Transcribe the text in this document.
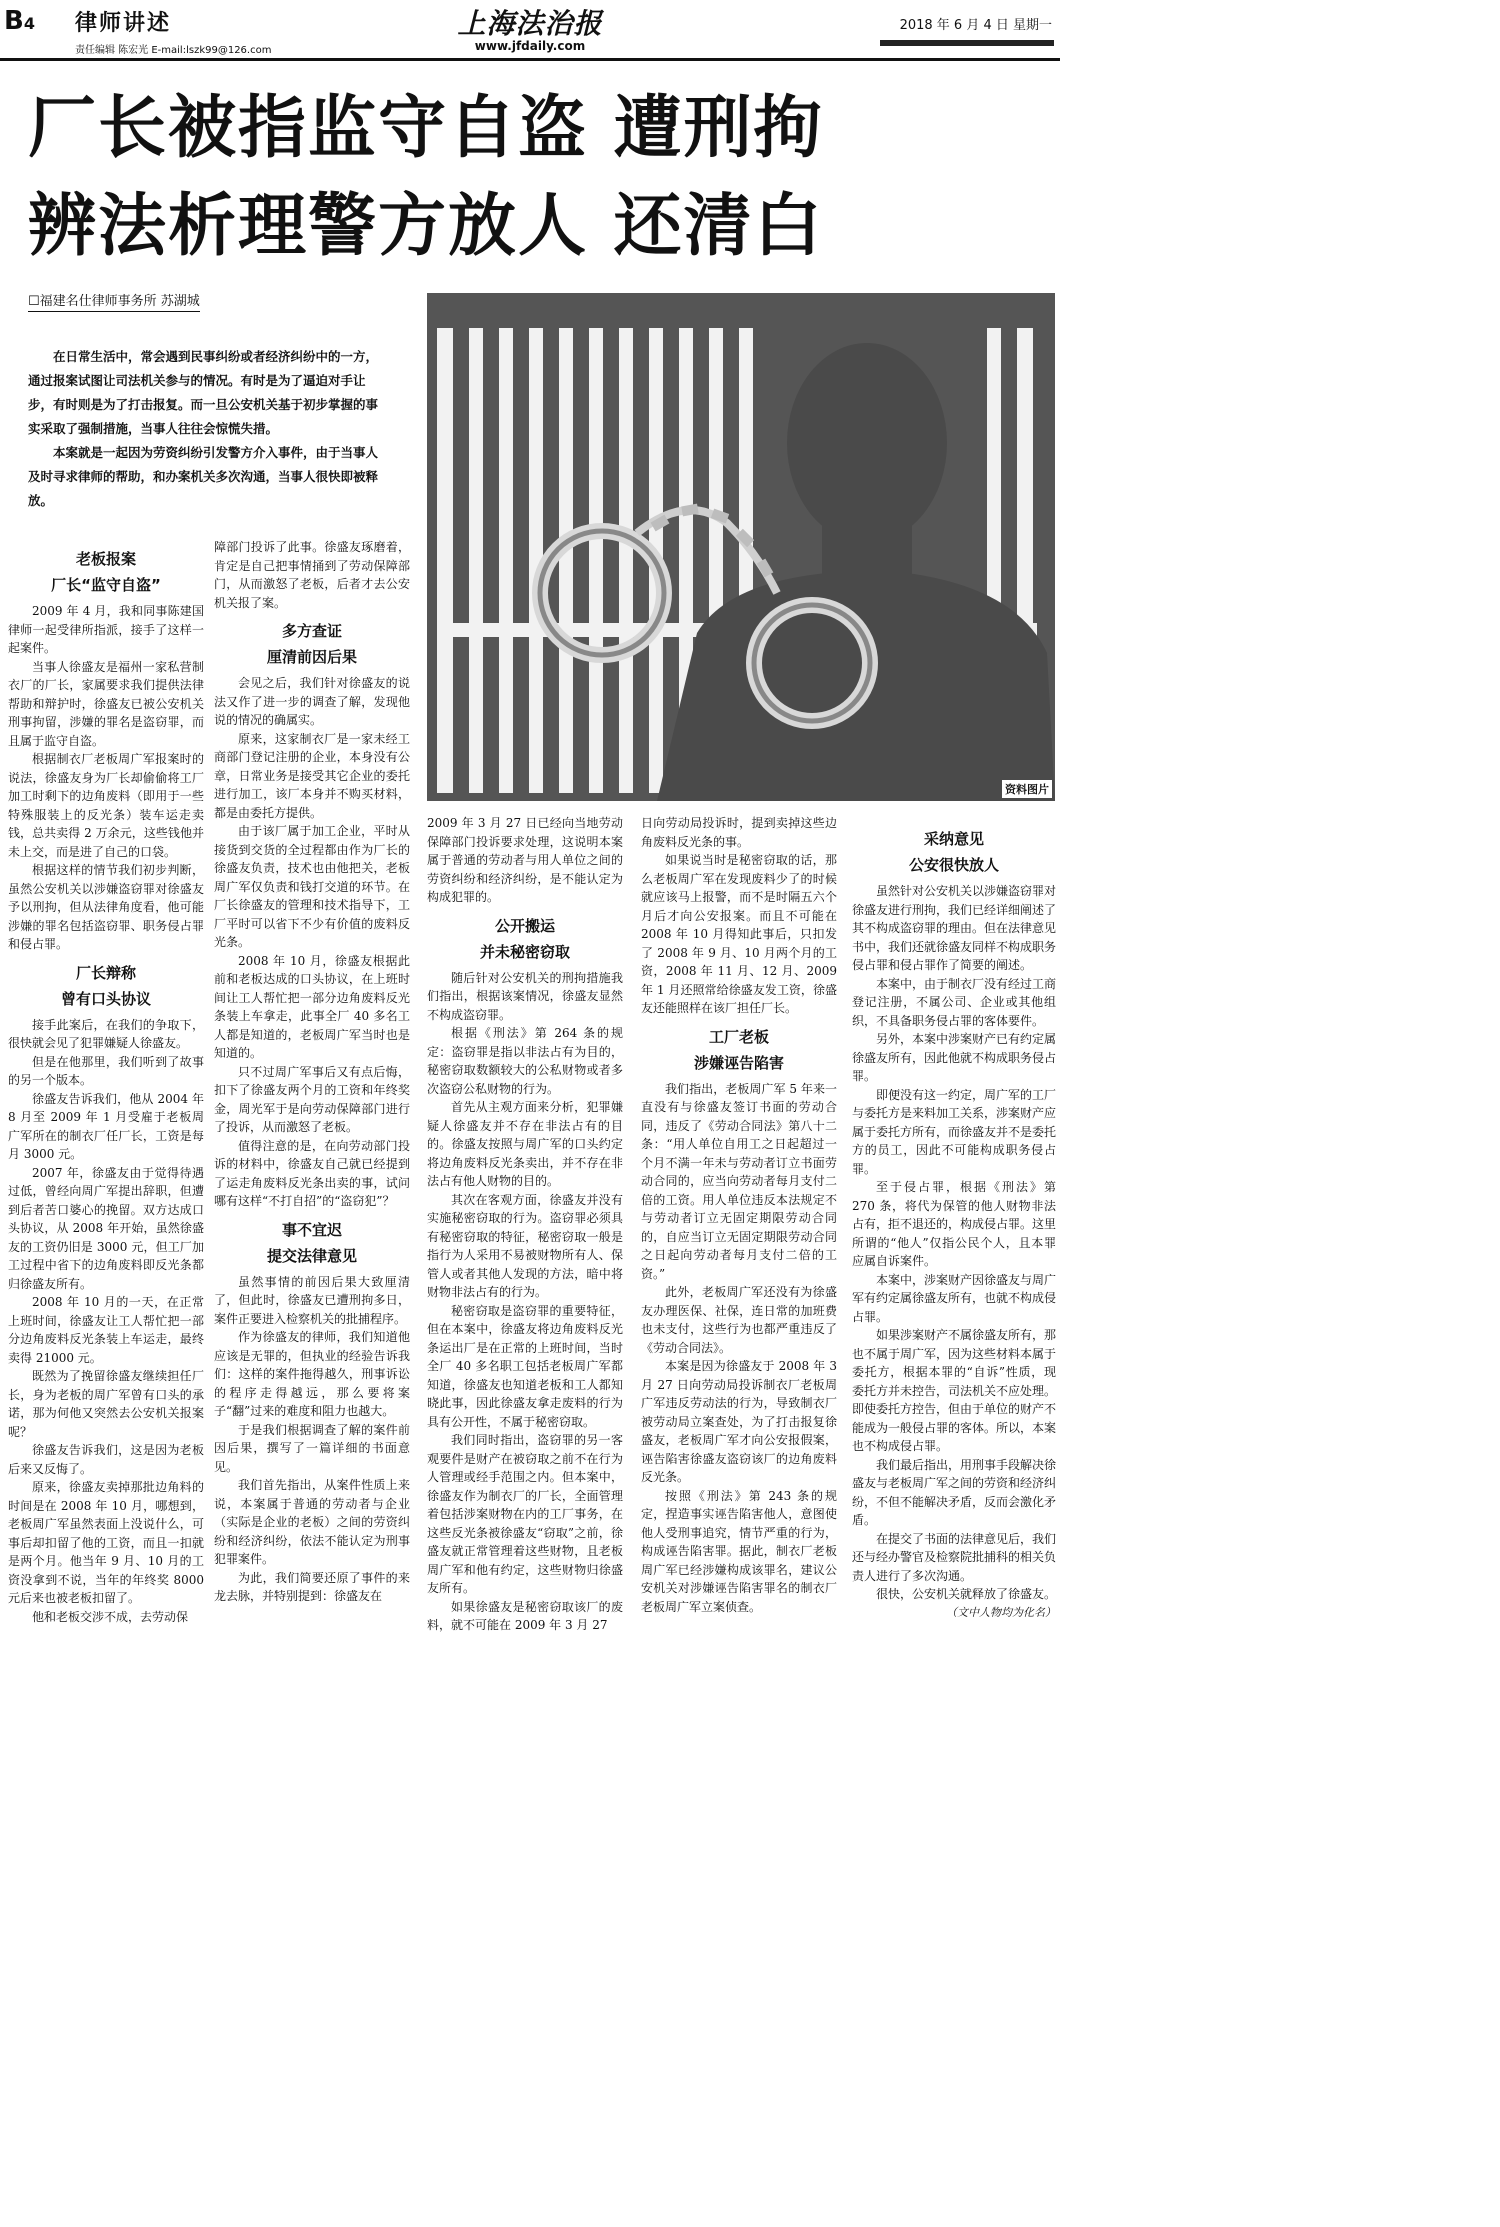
B4 律师讲述
责任编辑 陈宏光 E-mail:lszk99@126.com
上海法治报
www.jfdaily.com
2018 年 6 月 4 日 星期一
厂长被指监守自盗 遭刑拘
辨法析理警方放人 还清白
☐福建名仕律师事务所 苏湖城

在日常生活中，常会遇到民事纠纷或者经济纠纷中的一方，通过报案试图让司法机关参与的情况。有时是为了逼迫对手让步，有时则是为了打击报复。而一旦公安机关基于初步掌握的事实采取了强制措施，当事人往往会惊慌失措。

本案就是一起因为劳资纠纷引发警方介入事件，由于当事人及时寻求律师的帮助，和办案机关多次沟通，当事人很快即被释放。

资料图片
老板报案
厂长“监守自盗”

2009 年 4 月，我和同事陈建国律师一起受律所指派，接手了这样一起案件。

当事人徐盛友是福州一家私营制衣厂的厂长，家属要求我们提供法律帮助和辩护时，徐盛友已被公安机关刑事拘留，涉嫌的罪名是盗窃罪，而且属于监守自盗。

根据制衣厂老板周广军报案时的说法，徐盛友身为厂长却偷偷将工厂加工时剩下的边角废料（即用于一些特殊服装上的反光条）装车运走卖钱，总共卖得 2 万余元，这些钱他并未上交，而是进了自己的口袋。

根据这样的情节我们初步判断，虽然公安机关以涉嫌盗窃罪对徐盛友予以刑拘，但从法律角度看，他可能涉嫌的罪名包括盗窃罪、职务侵占罪和侵占罪。

厂长辩称
曾有口头协议

接手此案后，在我们的争取下，很快就会见了犯罪嫌疑人徐盛友。

但是在他那里，我们听到了故事的另一个版本。

徐盛友告诉我们，他从 2004 年 8 月至 2009 年 1 月受雇于老板周广军所在的制衣厂任厂长，工资是每月 3000 元。

2007 年，徐盛友由于觉得待遇过低，曾经向周广军提出辞职，但遭到后者苦口婆心的挽留。双方达成口头协议，从 2008 年开始，虽然徐盛友的工资仍旧是 3000 元，但工厂加工过程中省下的边角废料即反光条都归徐盛友所有。

2008 年 10 月的一天，在正常上班时间，徐盛友让工人帮忙把一部分边角废料反光条装上车运走，最终卖得 21000 元。

既然为了挽留徐盛友继续担任厂长，身为老板的周广军曾有口头的承诺，那为何他又突然去公安机关报案呢？

徐盛友告诉我们，这是因为老板后来又反悔了。

原来，徐盛友卖掉那批边角料的时间是在 2008 年 10 月，哪想到，老板周广军虽然表面上没说什么，可事后却扣留了他的工资，而且一扣就是两个月。他当年 9 月、10 月的工资没拿到不说，当年的年终奖 8000 元后来也被老板扣留了。

他和老板交涉不成，去劳动保

障部门投诉了此事。徐盛友琢磨着，肯定是自己把事情捅到了劳动保障部门，从而激怒了老板，后者才去公安机关报了案。

多方查证
厘清前因后果

会见之后，我们针对徐盛友的说法又作了进一步的调查了解，发现他说的情况的确属实。

原来，这家制衣厂是一家未经工商部门登记注册的企业，本身没有公章，日常业务是接受其它企业的委托进行加工，该厂本身并不购买材料，都是由委托方提供。

由于该厂属于加工企业，平时从接货到交货的全过程都由作为厂长的徐盛友负责，技术也由他把关，老板周广军仅负责和钱打交道的环节。在厂长徐盛友的管理和技术指导下，工厂平时可以省下不少有价值的废料反光条。

2008 年 10 月，徐盛友根据此前和老板达成的口头协议，在上班时间让工人帮忙把一部分边角废料反光条装上车拿走，此事全厂 40 多名工人都是知道的，老板周广军当时也是知道的。

只不过周广军事后又有点后悔，扣下了徐盛友两个月的工资和年终奖金，周光军于是向劳动保障部门进行了投诉，从而激怒了老板。

值得注意的是，在向劳动部门投诉的材料中，徐盛友自己就已经提到了运走角废料反光条出卖的事，试问哪有这样“不打自招”的“盗窃犯”？

事不宜迟
提交法律意见

虽然事情的前因后果大致厘清了，但此时，徐盛友已遭刑拘多日，案件正要进入检察机关的批捕程序。

作为徐盛友的律师，我们知道他应该是无罪的，但执业的经验告诉我们：这样的案件拖得越久，刑事诉讼的程序走得越远，那么要将案子“翻”过来的难度和阻力也越大。

于是我们根据调查了解的案件前因后果，撰写了一篇详细的书面意见。

我们首先指出，从案件性质上来说，本案属于普通的劳动者与企业（实际是企业的老板）之间的劳资纠纷和经济纠纷，依法不能认定为刑事犯罪案件。

为此，我们简要还原了事件的来龙去脉，并特别提到：徐盛友在

2009 年 3 月 27 日已经向当地劳动保障部门投诉要求处理，这说明本案属于普通的劳动者与用人单位之间的劳资纠纷和经济纠纷，是不能认定为构成犯罪的。

公开搬运
并未秘密窃取

随后针对公安机关的刑拘措施我们指出，根据该案情况，徐盛友显然不构成盗窃罪。

根据《刑法》第 264 条的规定：盗窃罪是指以非法占有为目的，秘密窃取数额较大的公私财物或者多次盗窃公私财物的行为。

首先从主观方面来分析，犯罪嫌疑人徐盛友并不存在非法占有的目的。徐盛友按照与周广军的口头约定将边角废料反光条卖出，并不存在非法占有他人财物的目的。

其次在客观方面，徐盛友并没有实施秘密窃取的行为。盗窃罪必须具有秘密窃取的特征，秘密窃取一般是指行为人采用不易被财物所有人、保管人或者其他人发现的方法，暗中将财物非法占有的行为。

秘密窃取是盗窃罪的重要特征，但在本案中，徐盛友将边角废料反光条运出厂是在正常的上班时间，当时全厂 40 多名职工包括老板周广军都知道，徐盛友也知道老板和工人都知晓此事，因此徐盛友拿走废料的行为具有公开性，不属于秘密窃取。

我们同时指出，盗窃罪的另一客观要件是财产在被窃取之前不在行为人管理或经手范围之内。但本案中，徐盛友作为制衣厂的厂长，全面管理着包括涉案财物在内的工厂事务，在这些反光条被徐盛友“窃取”之前，徐盛友就正常管理着这些财物，且老板周广军和他有约定，这些财物归徐盛友所有。

如果徐盛友是秘密窃取该厂的废料，就不可能在 2009 年 3 月 27

日向劳动局投诉时，提到卖掉这些边角废料反光条的事。

如果说当时是秘密窃取的话，那么老板周广军在发现废料少了的时候就应该马上报警，而不是时隔五六个月后才向公安报案。而且不可能在 2008 年 10 月得知此事后，只扣发了 2008 年 9 月、10 月两个月的工资，2008 年 11 月、12 月、2009 年 1 月还照常给徐盛友发工资，徐盛友还能照样在该厂担任厂长。

工厂老板
涉嫌诬告陷害

我们指出，老板周广军 5 年来一直没有与徐盛友签订书面的劳动合同，违反了《劳动合同法》第八十二条：“用人单位自用工之日起超过一个月不满一年未与劳动者订立书面劳动合同的，应当向劳动者每月支付二倍的工资。用人单位违反本法规定不与劳动者订立无固定期限劳动合同的，自应当订立无固定期限劳动合同之日起向劳动者每月支付二倍的工资。”

此外，老板周广军还没有为徐盛友办理医保、社保，连日常的加班费也未支付，这些行为也都严重违反了《劳动合同法》。

本案是因为徐盛友于 2008 年 3 月 27 日向劳动局投诉制衣厂老板周广军违反劳动法的行为，导致制衣厂被劳动局立案查处，为了打击报复徐盛友，老板周广军才向公安报假案，诬告陷害徐盛友盗窃该厂的边角废料反光条。

按照《刑法》第 243 条的规定，捏造事实诬告陷害他人，意图使他人受刑事追究，情节严重的行为，构成诬告陷害罪。据此，制衣厂老板周广军已经涉嫌构成该罪名，建议公安机关对涉嫌诬告陷害罪名的制衣厂老板周广军立案侦查。

采纳意见
公安很快放人

虽然针对公安机关以涉嫌盗窃罪对徐盛友进行刑拘，我们已经详细阐述了其不构成盗窃罪的理由。但在法律意见书中，我们还就徐盛友同样不构成职务侵占罪和侵占罪作了简要的阐述。

本案中，由于制衣厂没有经过工商登记注册，不属公司、企业或其他组织，不具备职务侵占罪的客体要件。

另外，本案中涉案财产已有约定属徐盛友所有，因此他就不构成职务侵占罪。

即便没有这一约定，周广军的工厂与委托方是来料加工关系，涉案财产应属于委托方所有，而徐盛友并不是委托方的员工，因此不可能构成职务侵占罪。

至于侵占罪，根据《刑法》第 270 条，将代为保管的他人财物非法占有，拒不退还的，构成侵占罪。这里所谓的“他人”仅指公民个人，且本罪应属自诉案件。

本案中，涉案财产因徐盛友与周广军有约定属徐盛友所有，也就不构成侵占罪。

如果涉案财产不属徐盛友所有，那也不属于周广军，因为这些材料本属于委托方，根据本罪的“自诉”性质，现委托方并未控告，司法机关不应处理。即使委托方控告，但由于单位的财产不能成为一般侵占罪的客体。所以，本案也不构成侵占罪。

我们最后指出，用刑事手段解决徐盛友与老板周广军之间的劳资和经济纠纷，不但不能解决矛盾，反而会激化矛盾。

在提交了书面的法律意见后，我们还与经办警官及检察院批捕科的相关负责人进行了多次沟通。

很快，公安机关就释放了徐盛友。

（文中人物均为化名）
